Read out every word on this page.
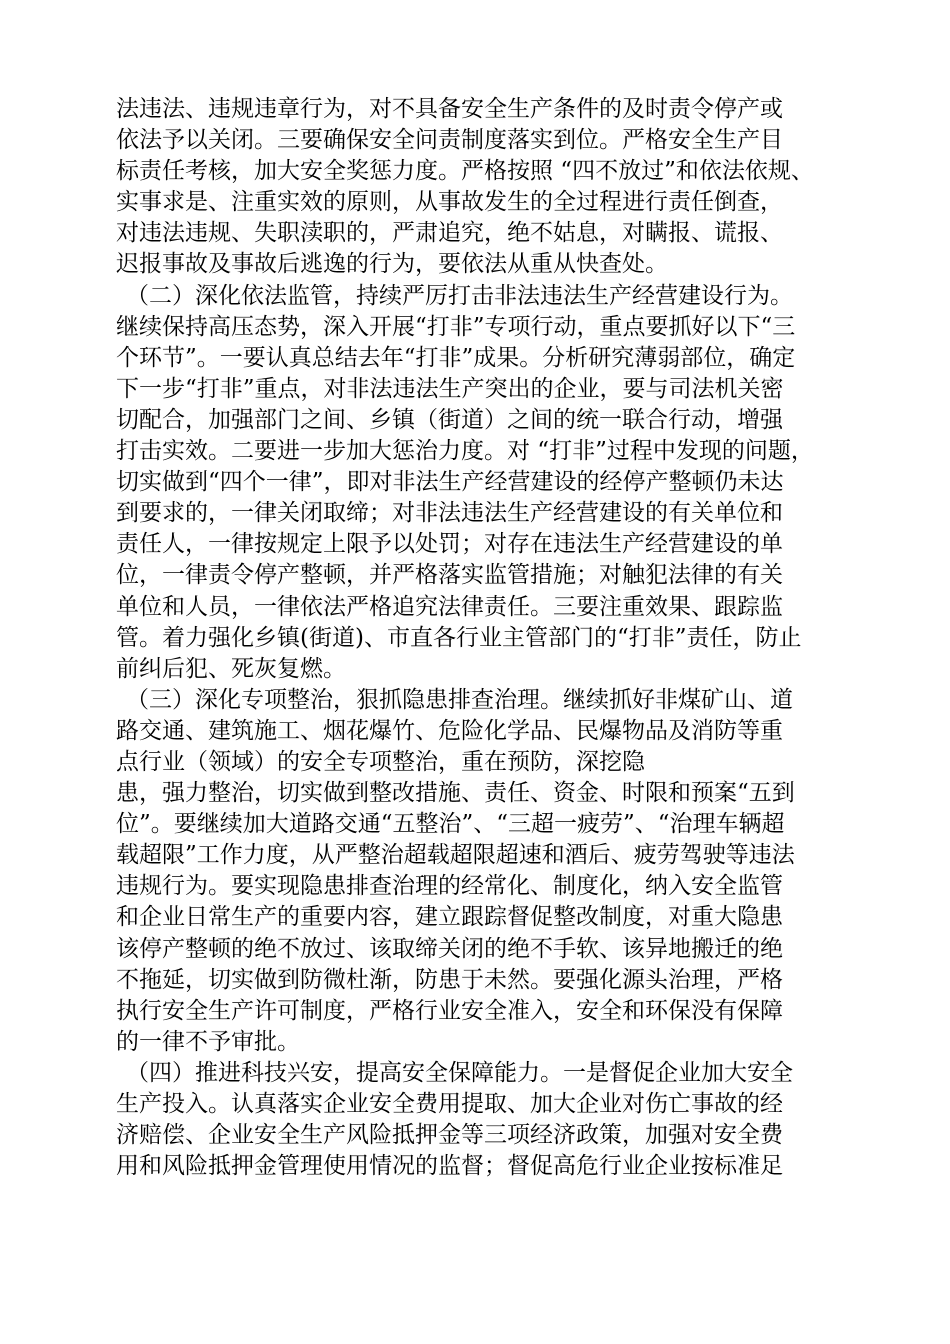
法违法、违规违章行为，对不具备安全生产条件的及时责令停产或
依法予以关闭。三要确保安全问责制度落实到位。严格安全生产目
标责任考核，加大安全奖惩力度。严格按照 “四不放过”和依法依规、
实事求是、注重实效的原则，从事故发生的全过程进行责任倒查，
对违法违规、失职渎职的，严肃追究，绝不姑息，对瞒报、谎报、
迟报事故及事故后逃逸的行为，要依法从重从快查处。
（二）深化依法监管，持续严厉打击非法违法生产经营建设行为。
继续保持高压态势，深入开展“打非”专项行动，重点要抓好以下“三
个环节”。一要认真总结去年“打非”成果。分析研究薄弱部位，确定
下一步“打非”重点，对非法违法生产突出的企业，要与司法机关密
切配合，加强部门之间、乡镇（街道）之间的统一联合行动，增强
打击实效。二要进一步加大惩治力度。对 “打非”过程中发现的问题，
切实做到“四个一律”，即对非法生产经营建设的经停产整顿仍未达
到要求的，一律关闭取缔；对非法违法生产经营建设的有关单位和
责任人，一律按规定上限予以处罚；对存在违法生产经营建设的单
位，一律责令停产整顿，并严格落实监管措施；对触犯法律的有关
单位和人员，一律依法严格追究法律责任。三要注重效果、跟踪监
管。着力强化乡镇(街道)、市直各行业主管部门的“打非”责任，防止
前纠后犯、死灰复燃。
（三）深化专项整治，狠抓隐患排查治理。继续抓好非煤矿山、道
路交通、建筑施工、烟花爆竹、危险化学品、民爆物品及消防等重
点行业（领域）的安全专项整治，重在预防，深挖隐
患，强力整治，切实做到整改措施、责任、资金、时限和预案“五到
位”。要继续加大道路交通“五整治”、“三超一疲劳”、“治理车辆超
载超限”工作力度，从严整治超载超限超速和酒后、疲劳驾驶等违法
违规行为。要实现隐患排查治理的经常化、制度化，纳入安全监管
和企业日常生产的重要内容，建立跟踪督促整改制度，对重大隐患
该停产整顿的绝不放过、该取缔关闭的绝不手软、该异地搬迁的绝
不拖延，切实做到防微杜渐，防患于未然。要强化源头治理，严格
执行安全生产许可制度，严格行业安全准入，安全和环保没有保障
的一律不予审批。
（四）推进科技兴安，提高安全保障能力。一是督促企业加大安全
生产投入。认真落实企业安全费用提取、加大企业对伤亡事故的经
济赔偿、企业安全生产风险抵押金等三项经济政策，加强对安全费
用和风险抵押金管理使用情况的监督；督促高危行业企业按标准足
